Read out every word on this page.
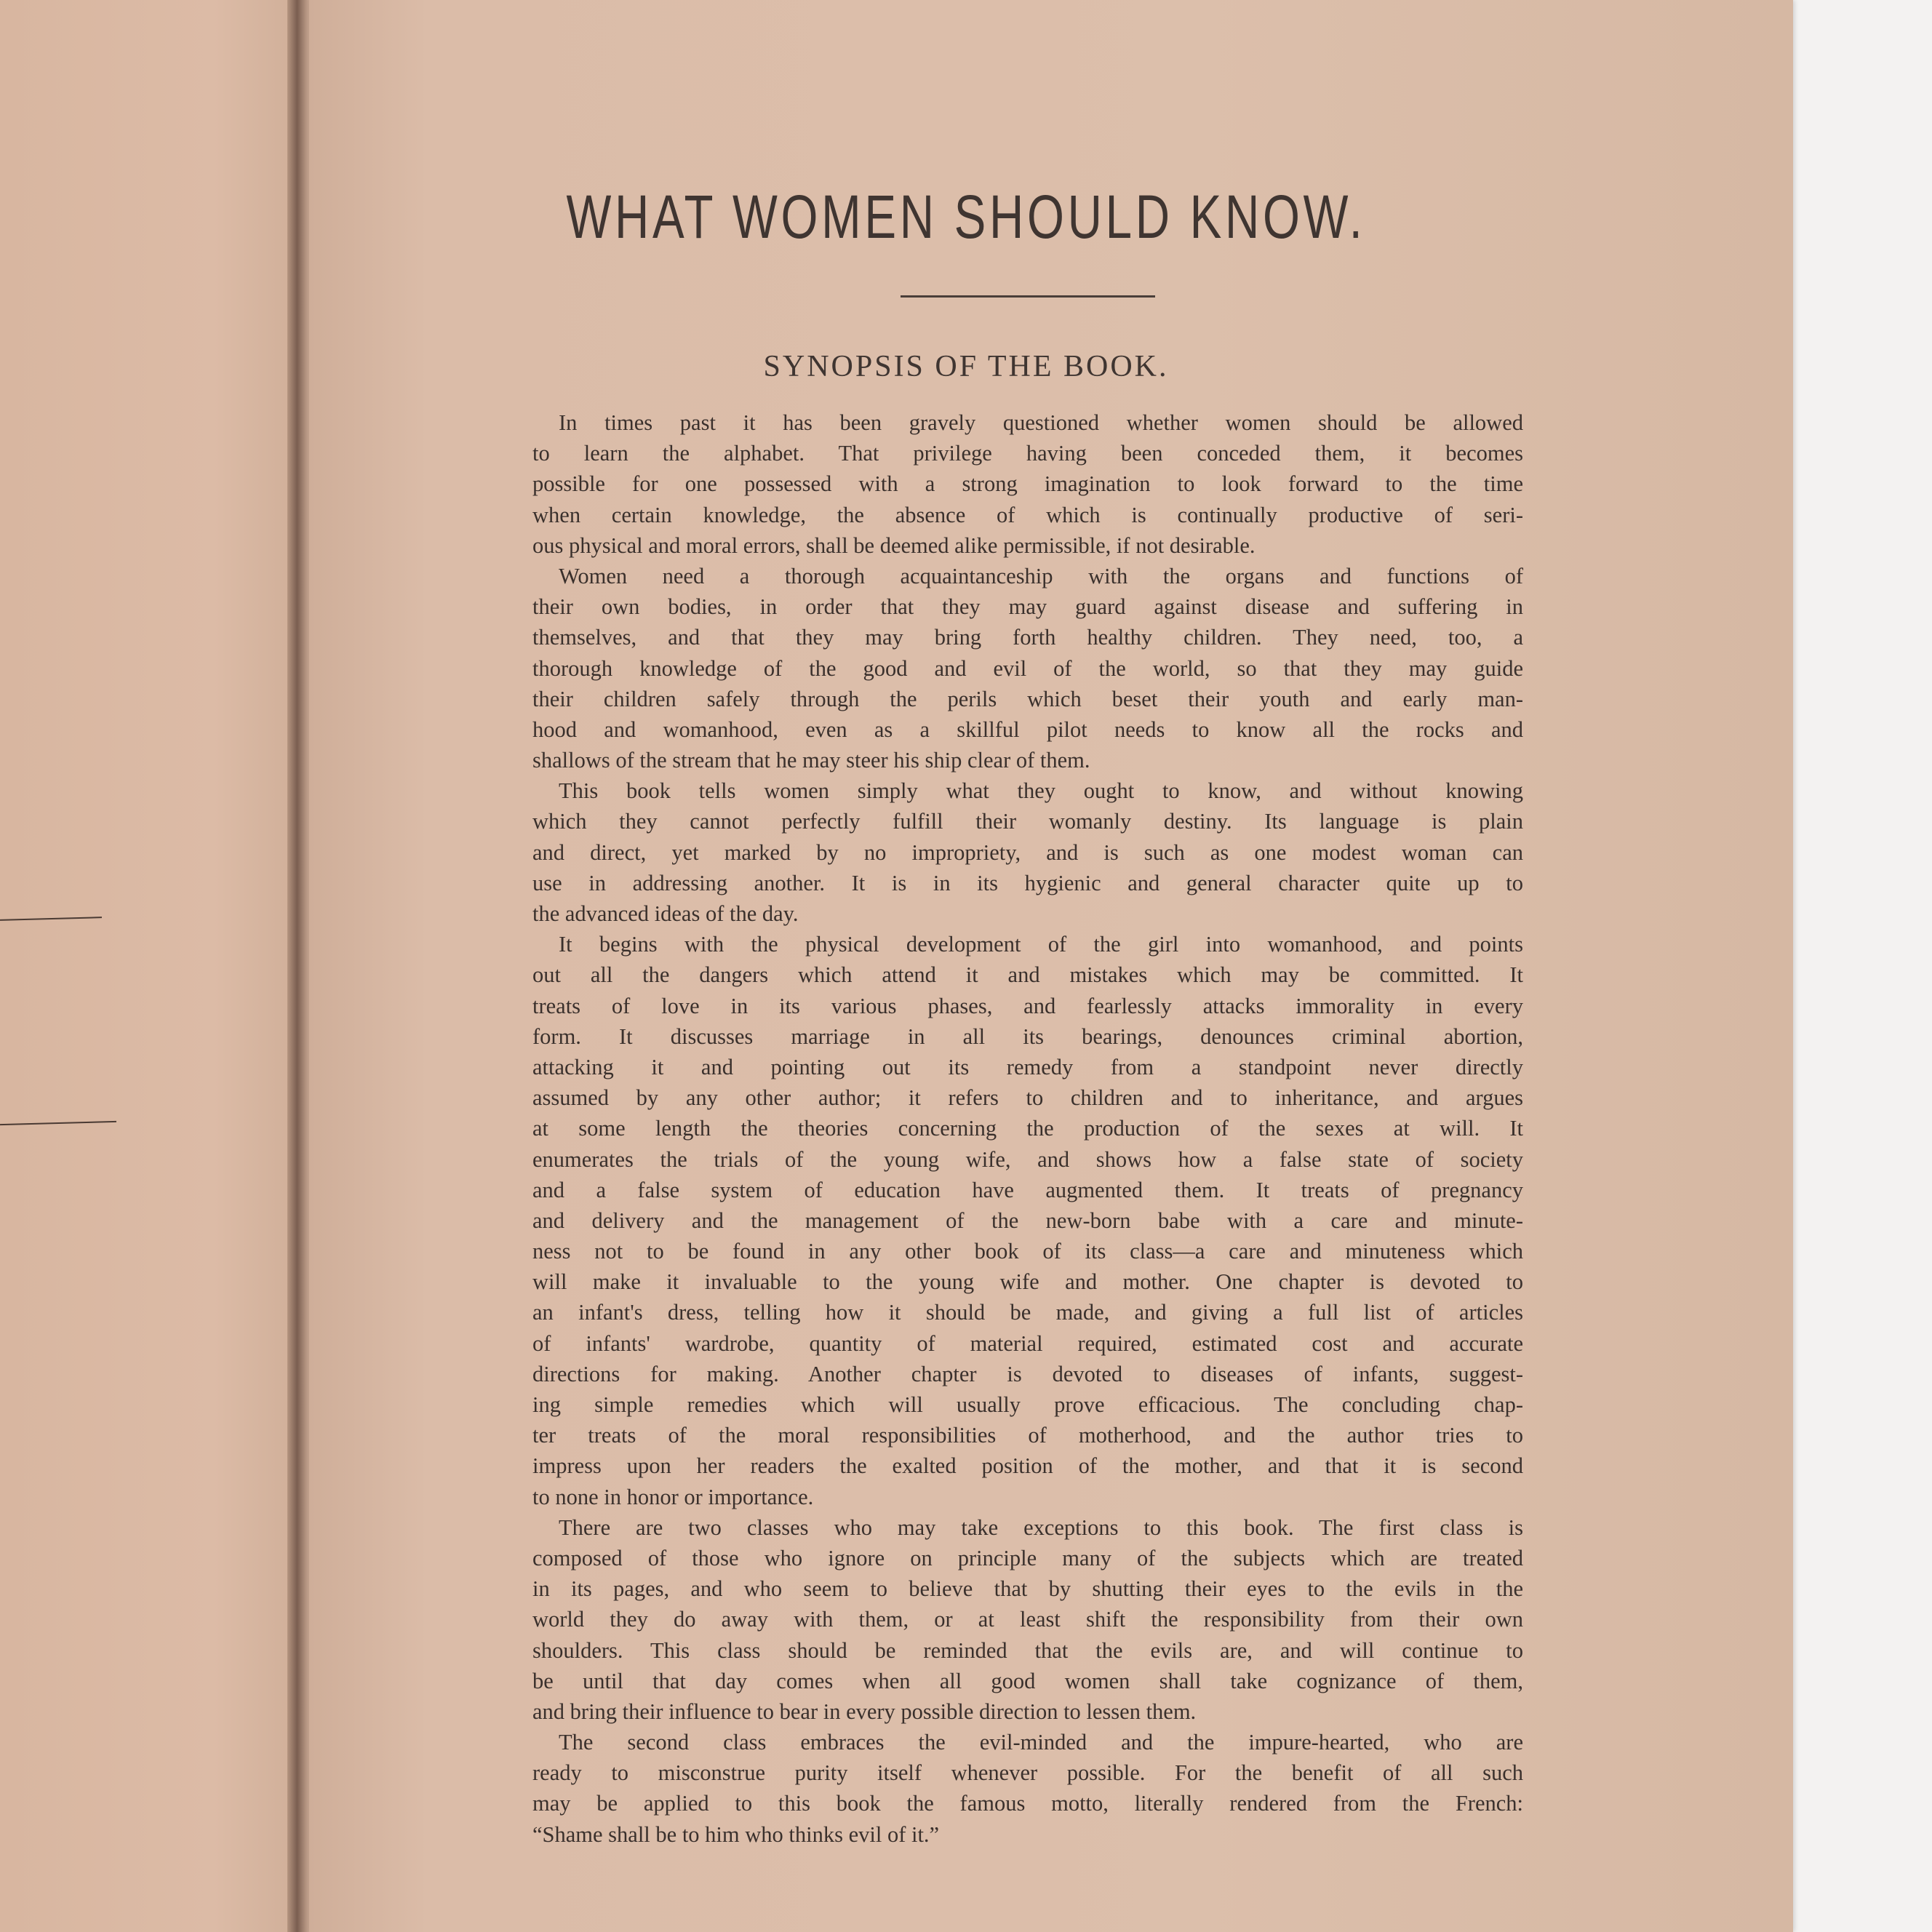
WHAT WOMEN SHOULD KNOW.
SYNOPSIS OF THE BOOK.
In times past it has been gravely questioned whether women should be allowed
to learn the alphabet. That privilege having been conceded them, it becomes
possible for one possessed with a strong imagination to look forward to the time
when certain knowledge, the absence of which is continually productive of seri-
ous physical and moral errors, shall be deemed alike permissible, if not desirable.
Women need a thorough acquaintanceship with the organs and functions of
their own bodies, in order that they may guard against disease and suffering in
themselves, and that they may bring forth healthy children. They need, too, a
thorough knowledge of the good and evil of the world, so that they may guide
their children safely through the perils which beset their youth and early man-
hood and womanhood, even as a skillful pilot needs to know all the rocks and
shallows of the stream that he may steer his ship clear of them.
This book tells women simply what they ought to know, and without knowing
which they cannot perfectly fulfill their womanly destiny. Its language is plain
and direct, yet marked by no impropriety, and is such as one modest woman can
use in addressing another. It is in its hygienic and general character quite up to
the advanced ideas of the day.
It begins with the physical development of the girl into womanhood, and points
out all the dangers which attend it and mistakes which may be committed. It
treats of love in its various phases, and fearlessly attacks immorality in every
form. It discusses marriage in all its bearings, denounces criminal abortion,
attacking it and pointing out its remedy from a standpoint never directly
assumed by any other author; it refers to children and to inheritance, and argues
at some length the theories concerning the production of the sexes at will. It
enumerates the trials of the young wife, and shows how a false state of society
and a false system of education have augmented them. It treats of pregnancy
and delivery and the management of the new-born babe with a care and minute-
ness not to be found in any other book of its class—a care and minuteness which
will make it invaluable to the young wife and mother. One chapter is devoted to
an infant's dress, telling how it should be made, and giving a full list of articles
of infants' wardrobe, quantity of material required, estimated cost and accurate
directions for making. Another chapter is devoted to diseases of infants, suggest-
ing simple remedies which will usually prove efficacious. The concluding chap-
ter treats of the moral responsibilities of motherhood, and the author tries to
impress upon her readers the exalted position of the mother, and that it is second
to none in honor or importance.
There are two classes who may take exceptions to this book. The first class is
composed of those who ignore on principle many of the subjects which are treated
in its pages, and who seem to believe that by shutting their eyes to the evils in the
world they do away with them, or at least shift the responsibility from their own
shoulders. This class should be reminded that the evils are, and will continue to
be until that day comes when all good women shall take cognizance of them,
and bring their influence to bear in every possible direction to lessen them.
The second class embraces the evil-minded and the impure-hearted, who are
ready to misconstrue purity itself whenever possible. For the benefit of all such
may be applied to this book the famous motto, literally rendered from the French:
“Shame shall be to him who thinks evil of it.”
